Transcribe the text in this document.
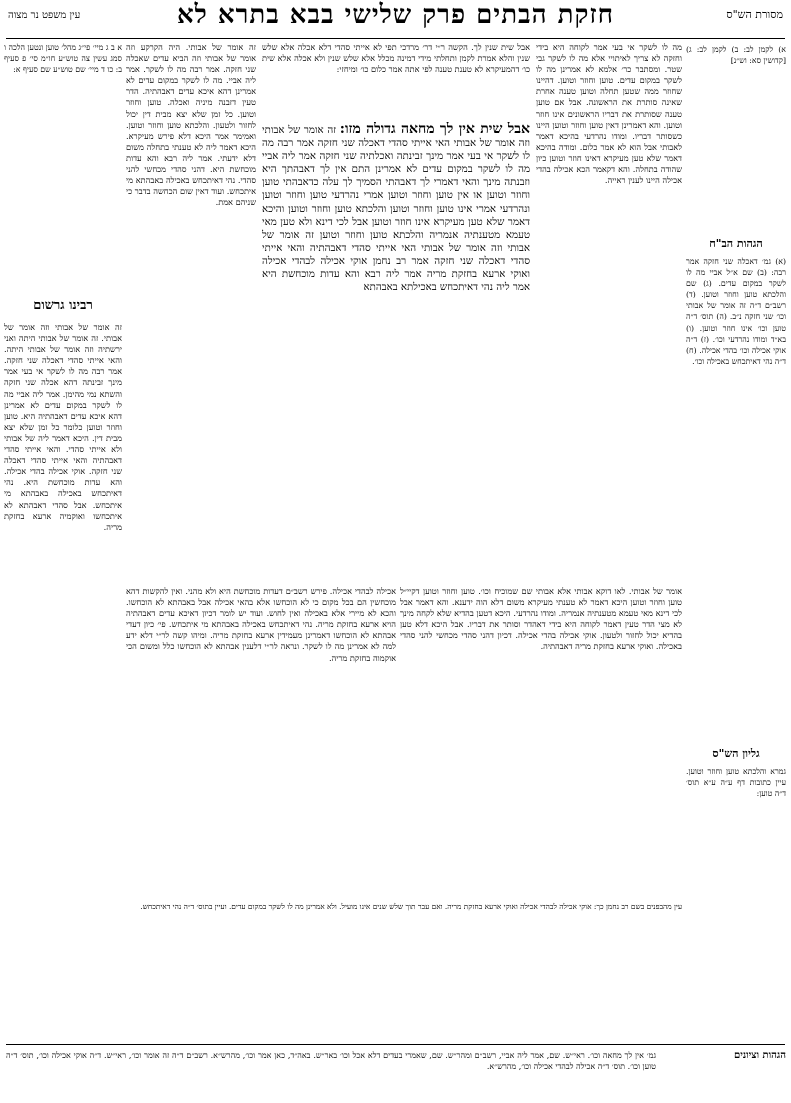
מסורת הש"ס
חזקת הבתים פרק שלישי בבא בתרא לא
עין משפט נר מצוה

א ב ג מיי׳ פי״ג מהל׳ טוען ונטען הלכה ו סמג עשין צה טוש״ע חו״מ סי׳ פ סעיף ב: כו ד מיי׳ שם טוש״ע שם סעיף א:

רבינו גרשום

זה אומר של אבותי וזה אומר של אבותי. זה אומר של אבותי היתה ואני ירשתיה וזה אומר של אבותי היתה. והאי אייתי סהדי דאכלה שני חזקה. אמר רבה מה לו לשקר אי בעי אמר מינך זבינתה דהא אכלה שני חזקה והשתא נמי מהימן. אמר ליה אביי מה לו לשקר במקום עדים לא אמרינן דהא איכא עדים דאבהתיה היא. טוען וחוזר וטוען כלומר כל זמן שלא יצא מבית דין. היכא דאמר ליה של אבותי ולא אייתי סהדי. והאי אייתי סהדי דאבהתיה והאי אייתי סהדי דאכלה שני חזקה. אוקי אכילה בהדי אכילה. והא עדות מוכחשת היא. נהי דאיתכחש באכילה באבהתא מי איתכחש. אבל סהדי דאבהתא לא איתכחשו ואוקמיה ארעא בחזקת מריה.

זה אומר של אבותי. היה הקרקע וזה אומר של אבותי וזה הביא עדים שאכלה שני חזקה. אמר רבה מה לו לשקר. אמר ליה אביי. מה לו לשקר במקום עדים לא אמרינן דהא איכא עדים דאבהתיה. הדר טעין דזבנה מיניה ואכלה. טוען וחוזר וטוען. כל זמן שלא יצא מבית דין יכול לחזור ולטעון. והלכתא טוען וחוזר וטוען. ואמימר אמר היכא דלא פירש מעיקרא. היכא דאמר ליה לא טענתי בתחלה משום דלא ידעתי. אמר ליה רבא והא עדות מוכחשת היא. דהני סהדי מכחשי להני סהדי. נהי דאיתכחש באכילה באבהתא מי איתכחש. ועוד דאין שום הכחשה בדבר כי שניהם אמת.

אבל שית שנין לך. הקשה ר״י דר׳ מרדכי תפי לא אייתי סהדי דלא אכלה אלא שלש שנין והלא אמרת לקמן ותחלתי מידי דמינה מכלל אלא שלש שנין ולא אכלה אלא שית כו׳ דהמעיקרא לא טענת טענה לפי אתה אמר כלום כו׳ ומיחזי:

אבל שית אין לך מחאה גדולה מזו: זה אומר של אבותי וזה אומר של אבותי האי אייתי סהדי דאכלה שני חזקה אמר רבה מה לו לשקר אי בעי אמר מינך זבינתה ואכלתיה שני חזקה אמר ליה אביי מה לו לשקר במקום עדים לא אמרינן התם אין לך דאבהתך היא וזבנתה מינך והאי דאמרי לך דאבהתי הסמיך לך עלה כדאבהתי טוען וחוזר וטוען או אין טוען וחוזר וטוען אמרי נהרדעי טוען וחוזר וטוען ונהרדעי אמרי אינו טוען וחוזר וטוען והלכתא טוען וחוזר וטוען והיכא דאמר שלא טען מעיקרא אינו חוזר וטוען אבל לכי דינא ולא טען מאי טעמא מטענתיה אנמריה והלכתא טוען וחוזר וטוען זה אומר של אבותי וזה אומר של אבותי האי אייתי סהדי דאבהתיה והאי אייתי סהדי דאכלה שני חזקה אמר רב נחמן אוקי אכילה לבהדי אכילה ואוקי ארעא בחזקת מריה אמר ליה רבא והא עדות מוכחשת היא אמר ליה נהי דאיתכחש באכילתא באבהתא

מה לו לשקר אי בעי אמר לקוחה היא בידי וחזקה לא צריך לאיתויי אלא מה לו לשקר גבי שטר. ומסתבר כר׳ אלמא לא אמרינן מה לו לשקר במקום עדים. טוען וחוזר וטוען. דהיינו שחוזר ממה שטען תחלה וטוען טענה אחרת שאינה סותרת את הראשונה. אבל אם טוען טענה שסותרת את דבריו הראשונים אינו חוזר וטוען. והא דאמרינן דאין טוען וחוזר וטוען היינו כשסותר דבריו. ומודו נהרדעי בהיכא דאמר לאבותי אבל הוא לא אמר כלום. ומודה בהיכא דאמר שלא טען מעיקרא דאינו חוזר וטוען כיון שהודה בתחלה. והא דקאמר הכא אכילה בהדי אכילה היינו לענין ראייה.

א) לקמן לב: ב) לקמן לב: ג) [קדושין סא: וש״נ]

הגהות הב"ח

(א) גמ׳ דאכלה שני חזקה אמר רבה: (ב) שם א״ל אביי מה לו לשקר במקום עדים. (ג) שם והלכתא טוען וחוזר וטוען. (ד) רשב״ם ד״ה זה אומר של אבותי וכו׳ שני חזקה נ״ב. (ה) תוס׳ ד״ה טוען וכו׳ אינו חוזר וטוען. (ו) בא״ד ומודו נהרדעי וכו׳. (ז) ד״ה אוקי אכילה וכו׳ בהדי אכילה. (ח) ד״ה נהי דאיתכחש באכילה וכו׳.

גליון הש"ס

גמרא והלכתא טוען וחוזר וטוען. עיין כתובות דף ע״ה ע״א תוס׳ ד״ה טוען:

אומר של אבותי. לאו דוקא אבותי אלא אבותי שם שמוכיח וכו׳. טוען וחוזר וטוען דקיי״ל טוען וחוזר וטוען היכא דאמר לא טענתי מעיקרא משום דלא הוה ידענא. והא דאמר אבל לכי דינא מאי טעמא מטענתיה אנמריה. ומודו נהרדעי. היכא דטען בהדיא שלא לקחה מינך לא מצי הדר טעין דאמר לקוחה היא בידי דאהדר וסותר את דבריו. אבל היכא דלא טען בהדיא יכול לחזור ולטעון. אוקי אכילה בהדי אכילה. דכיון דהני סהדי מכחשי להני סהדי באכילה. ואוקי ארעא בחזקת מריה דאבהתיה.

אכילה לבהדי אכילה. פירש רשב״ם דעדות מוכחשת היא ולא מהני. ואין להקשות דהא מוכחשין הם בכל מקום כי לא הוכחשו אלא בהאי אכילה אבל באבהתא לא הוכחשו. והכא לא מיירי אלא באכילה ואין לחוש. ועוד יש לומר דכיון דאיכא עדים דאבהתיה הויא ארעא בחזקת מריה. נהי דאיתכחש באכילה באבהתא מי איתכחש. פי׳ כיון דעדי אבהתא לא הוכחשו דאמרינן מעמידין ארעא בחזקת מריה. ומיהו קשה לר״י דלא ידע למה לא אמרינן מה לו לשקר. ונראה לר״י דלענין אבהתא לא הוכחשו כלל ומשום הכי אוקמוה בחזקת מריה.

עין מהבפנים בשם רב נחמן כך: אוקי אכילה לבהדי אכילה ואוקי ארעא בחזקת מריה. ואם עבר תוך שלש שנים אינו מועיל. ולא אמרינן מה לו לשקר במקום עדים. ועיין בתוס׳ ד״ה נהי דאיתכחש.

הגהות וציונים
גמ׳ אין לך מחאה וכו׳. ראי״ש. שם, אמר ליה אביי, רשב״ם ומהר״ש. שם, שאמרי בעדים דלא אכל וכו׳ באר״ש. באה״ד, כאן אמר וכו׳, מהרש״א. רשב״ם ד״ה זה אומר וכו׳, ראי״ש. ד״ה אוקי אכילה וכו׳, תוס׳ ד״ה טוען וכו׳. תוס׳ ד״ה אכילה לבהדי אכילה וכו׳, מהרש״א.
